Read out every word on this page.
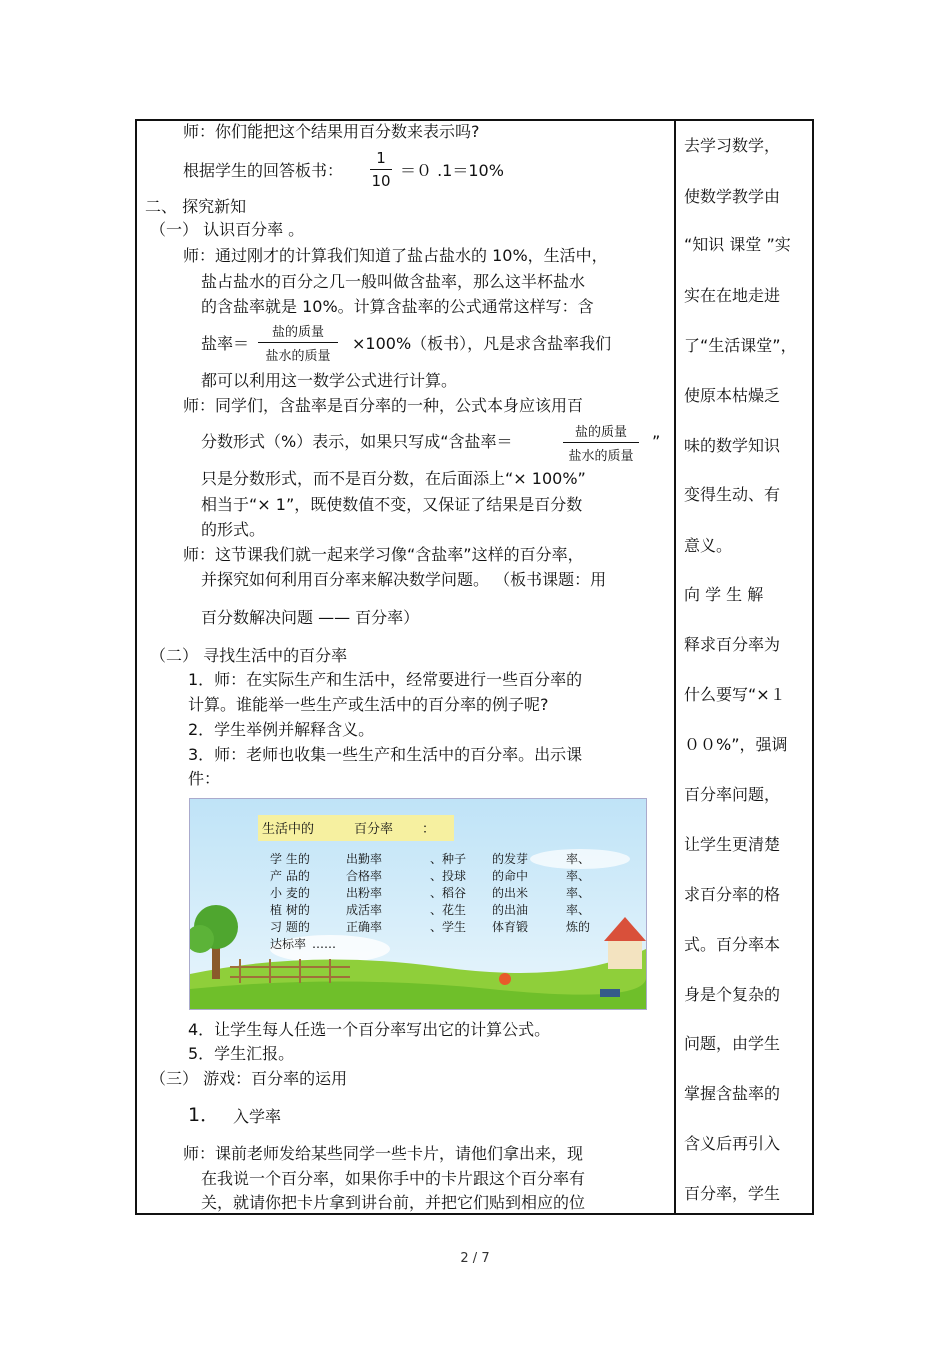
师：你们能把这个结果用百分数来表示吗?
根据学生的回答板书：
1
10
＝０ .1＝10%
二、 探究新知
（一） 认识百分率 。
师：通过刚才的计算我们知道了盐占盐水的 10%，生活中，
盐占盐水的百分之几一般叫做含盐率，那么这半杯盐水
的含盐率就是 10%。计算含盐率的公式通常这样写：含
盐率＝
盐的质量
盐水的质量
×100%（板书），凡是求含盐率我们
都可以利用这一数学公式进行计算。
师：同学们，含盐率是百分率的一种，公式本身应该用百
分数形式（%）表示，如果只写成“含盐率＝	盐的质量
盐水的质量
”
只是分数形式，而不是百分数，在后面添上“× 100%”
相当于“× 1”，既使数值不变，又保证了结果是百分数
的形式。
师：这节课我们就一起来学习像“含盐率”这样的百分率，
并探究如何利用百分率来解决数学问题。 （板书课题：用
百分数解决问题 —— 百分率）
（二） 寻找生活中的百分率
1．师：在实际生产和生活中，经常要进行一些百分率的
计算。谁能举一些生产或生活中的百分率的例子呢?
2．学生举例并解释含义。
3．师：老师也收集一些生产和生活中的百分率。出示课
件：
生活中的	百分率 ：
学 生的	出勤率	、种子 的发芽	率、
产 品的	合格率	、投球 的命中	率、
小 麦的	出粉率	、稻谷 的出米	率、
植 树的	成活率	、花生 的出油	率、
习 题的	正确率	、学生 体育锻	炼的
达标率 ……
4．让学生每人任选一个百分率写出它的计算公式。
5．学生汇报。
（三） 游戏：百分率的运用
1． 入学率
师：课前老师发给某些同学一些卡片，请他们拿出来，现
在我说一个百分率，如果你手中的卡片跟这个百分率有
关，就请你把卡片拿到讲台前，并把它们贴到相应的位
去学习数学，
使数学教学由
“知识 课堂 ”实
实在在地走进
了“生活课堂”，
使原本枯燥乏
味的数学知识
变得生动、有
意义。
向 学 生 解
释求百分率为
什么要写“×１
００%”，强调
百分率问题，
让学生更清楚
求百分率的格
式。百分率本
身是个复杂的
问题，由学生
掌握含盐率的
含义后再引入
百分率，学生
2 / 7
